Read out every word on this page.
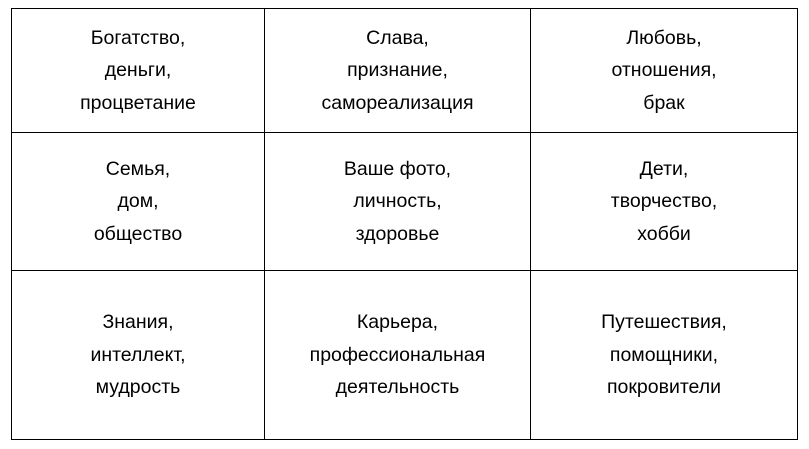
Богатство,
деньги,
процветание	Слава,
признание,
самореализация	Любовь,
отношения,
брак

Семья,
дом,
общество	Ваше фото,
личность,
здоровье	Дети,
творчество,
хобби

Знания,
интеллект,
мудрость	Карьера,
профессиональная
деятельность	Путешествия,
помощники,
покровители
